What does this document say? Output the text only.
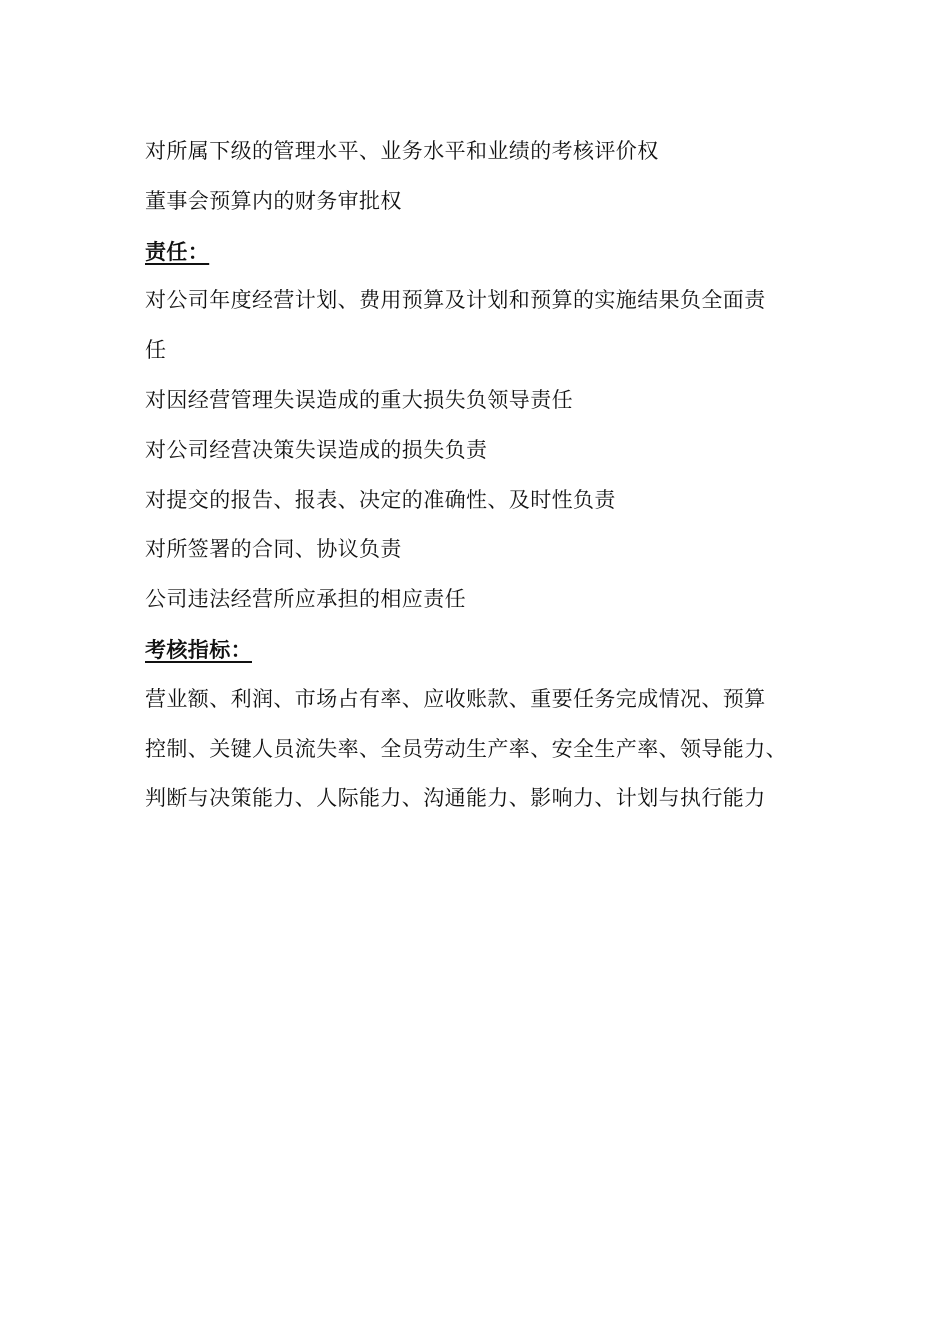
对所属下级的管理水平、业务水平和业绩的考核评价权
董事会预算内的财务审批权
责任：
对公司年度经营计划、费用预算及计划和预算的实施结果负全面责
任
对因经营管理失误造成的重大损失负领导责任
对公司经营决策失误造成的损失负责
对提交的报告、报表、决定的准确性、及时性负责
对所签署的合同、协议负责
公司违法经营所应承担的相应责任
考核指标：
营业额、利润、市场占有率、应收账款、重要任务完成情况、预算
控制、关键人员流失率、全员劳动生产率、安全生产率、领导能力、
判断与决策能力、人际能力、沟通能力、影响力、计划与执行能力
